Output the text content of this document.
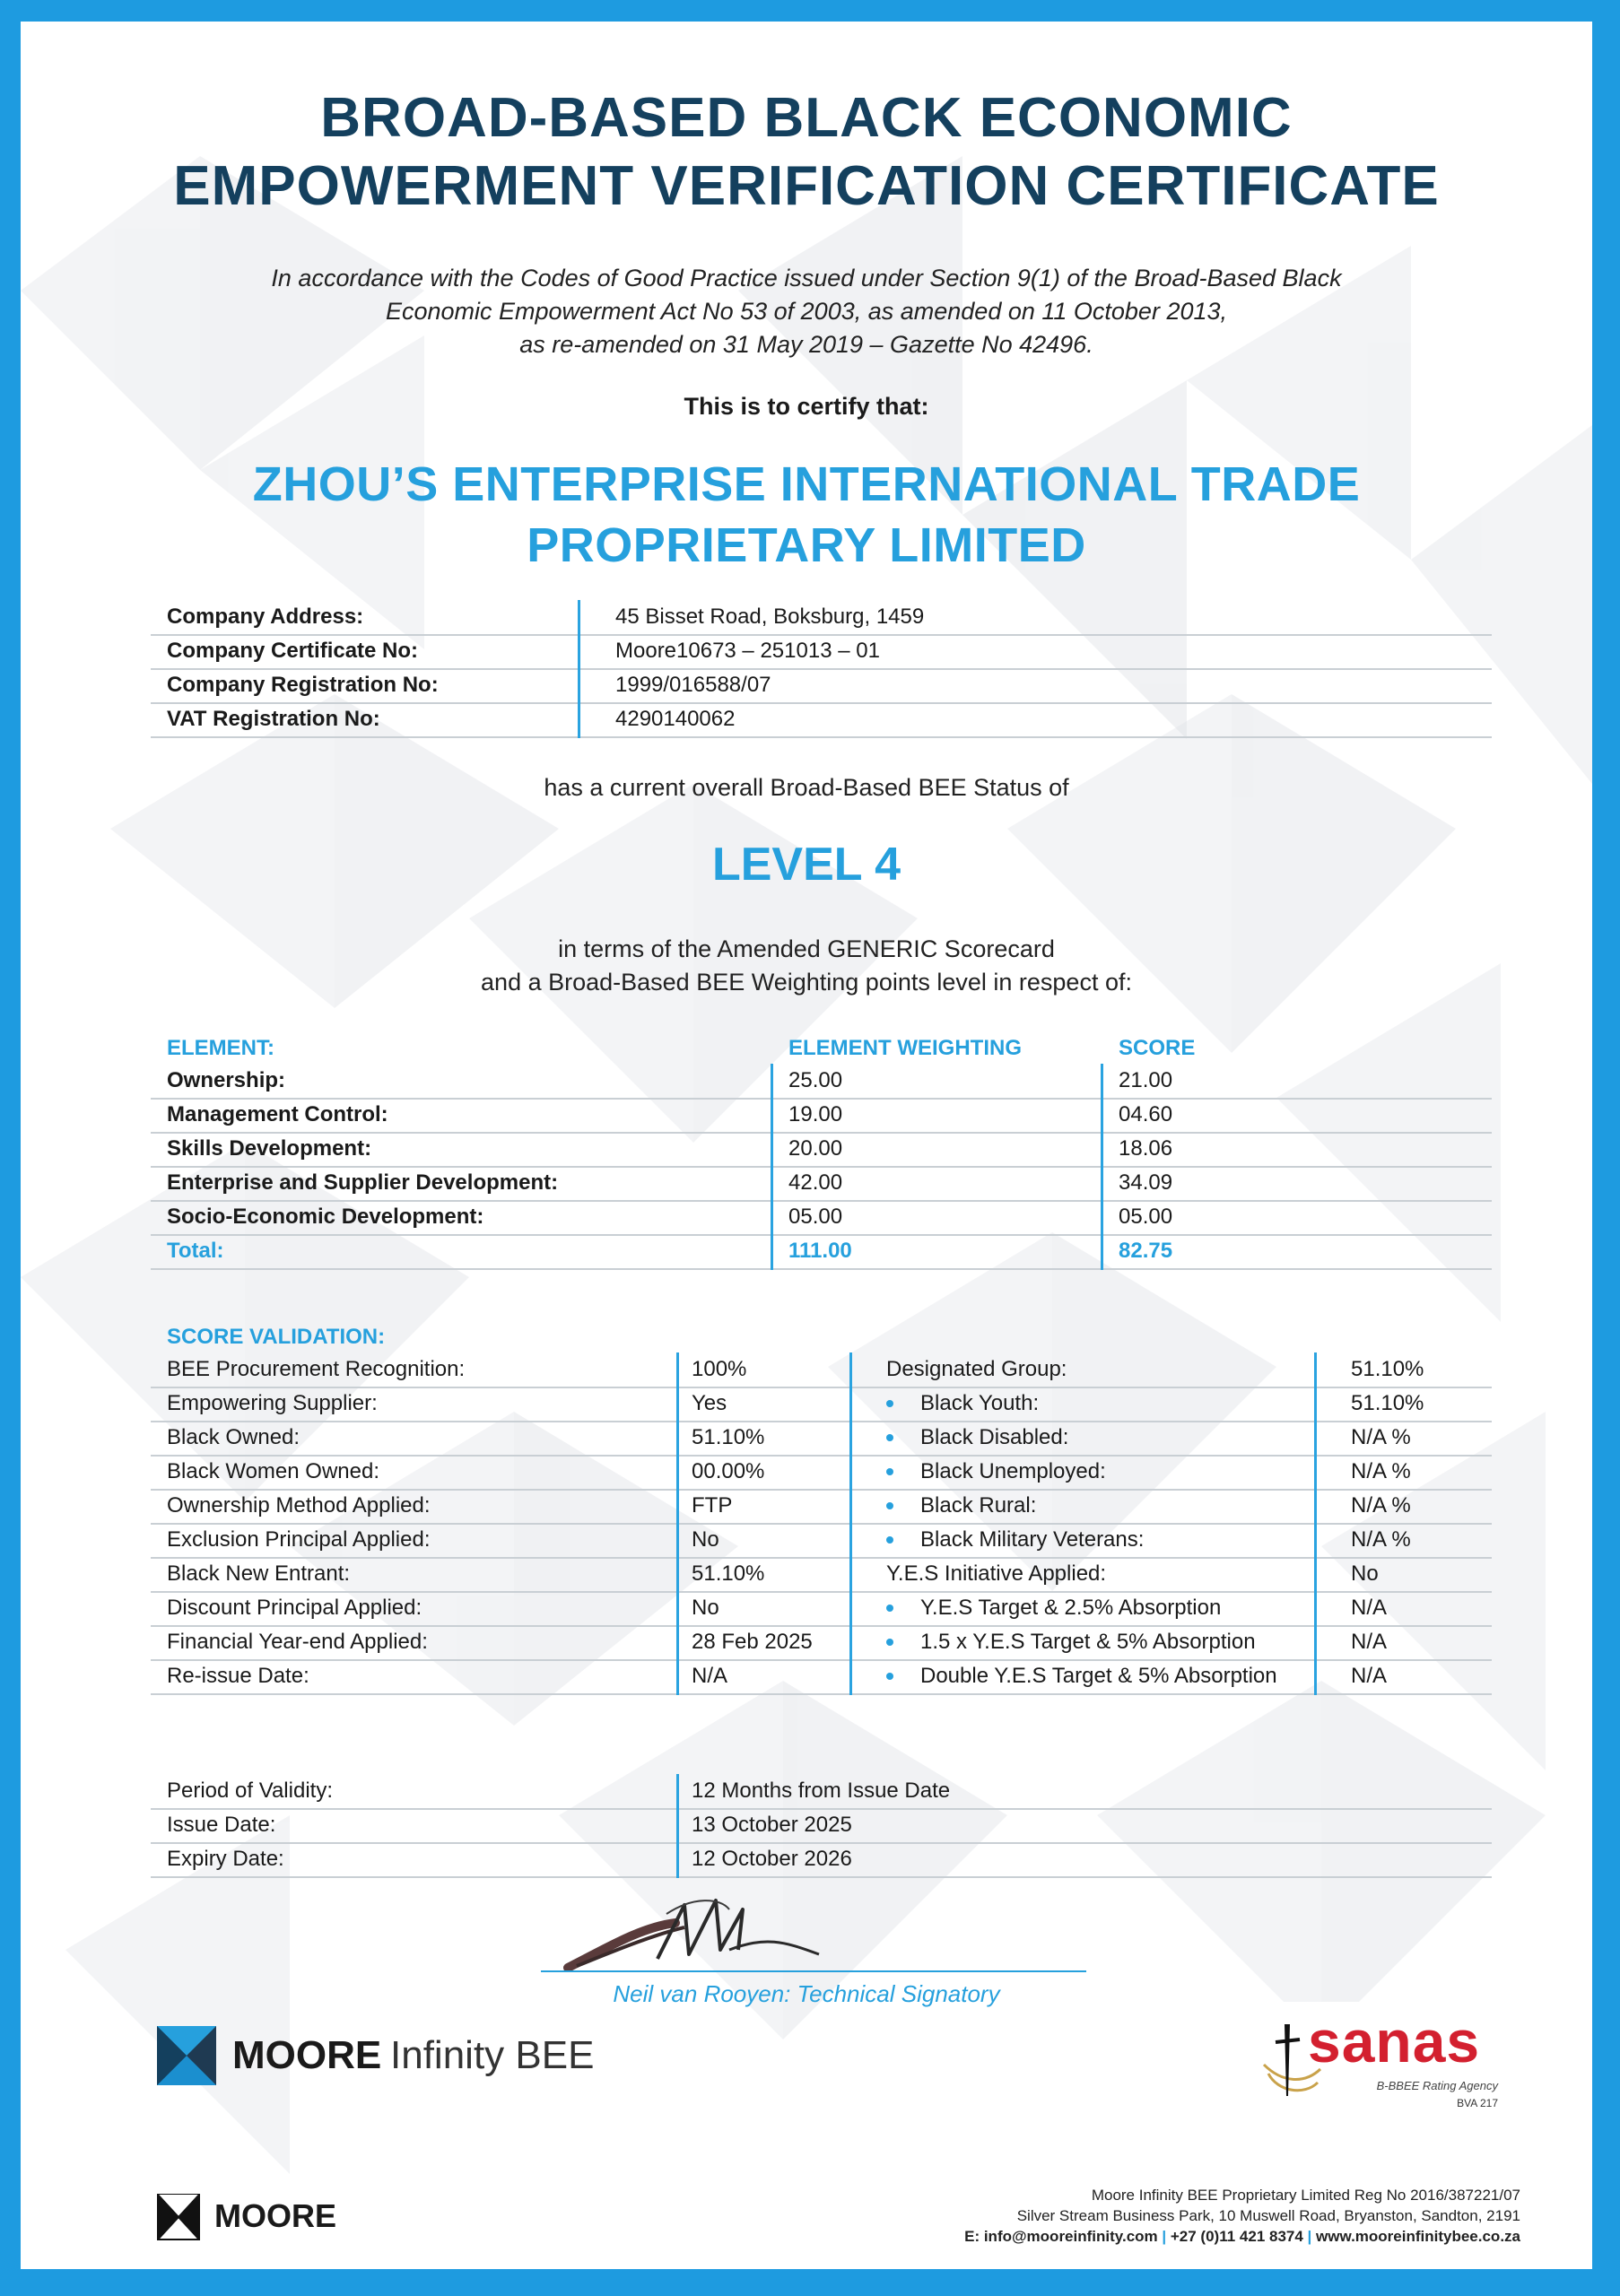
BROAD-BASED BLACK ECONOMIC
EMPOWERMENT VERIFICATION CERTIFICATE
In accordance with the Codes of Good Practice issued under Section 9(1) of the Broad-Based Black
Economic Empowerment Act No 53 of 2003, as amended on 11 October 2013,
as re-amended on 31 May 2019 – Gazette No 42496.
This is to certify that:
ZHOU’S ENTERPRISE INTERNATIONAL TRADE
PROPRIETARY LIMITED
Company Address:	45 Bisset Road, Boksburg, 1459
Company Certificate No:	Moore10673 – 251013 – 01
Company Registration No:	1999/016588/07
VAT Registration No:	4290140062
has a current overall Broad-Based BEE Status of
LEVEL 4
in terms of the Amended GENERIC Scorecard
and a Broad-Based BEE Weighting points level in respect of:
ELEMENT:	ELEMENT WEIGHTING	SCORE
Ownership:	25.00	21.00
Management Control:	19.00	04.60
Skills Development:	20.00	18.06
Enterprise and Supplier Development:	42.00	34.09
Socio-Economic Development:	05.00	05.00
Total:	111.00	82.75
SCORE VALIDATION:
BEE Procurement Recognition:	100%	Designated Group:	51.10%
Empowering Supplier:	Yes	Black Youth:	51.10%
Black Owned:	51.10%	Black Disabled:	N/A %
Black Women Owned:	00.00%	Black Unemployed:	N/A %
Ownership Method Applied:	FTP	Black Rural:	N/A %
Exclusion Principal Applied:	No	Black Military Veterans:	N/A %
Black New Entrant:	51.10%	Y.E.S Initiative Applied:	No
Discount Principal Applied:	No	Y.E.S Target & 2.5% Absorption	N/A
Financial Year-end Applied:	28 Feb 2025	1.5 x Y.E.S Target & 5% Absorption	N/A
Re-issue Date:	N/A	Double Y.E.S Target & 5% Absorption	N/A
Period of Validity:	12 Months from Issue Date
Issue Date:	13 October 2025
Expiry Date:	12 October 2026
Neil van Rooyen: Technical Signatory
MOORE Infinity BEE	sanas
B-BBEE Rating Agency
BVA 217
MOORE
Moore Infinity BEE Proprietary Limited Reg No 2016/387221/07
Silver Stream Business Park, 10 Muswell Road, Bryanston, Sandton, 2191
E: info@mooreinfinity.com | +27 (0)11 421 8374 | www.mooreinfinitybee.co.za
